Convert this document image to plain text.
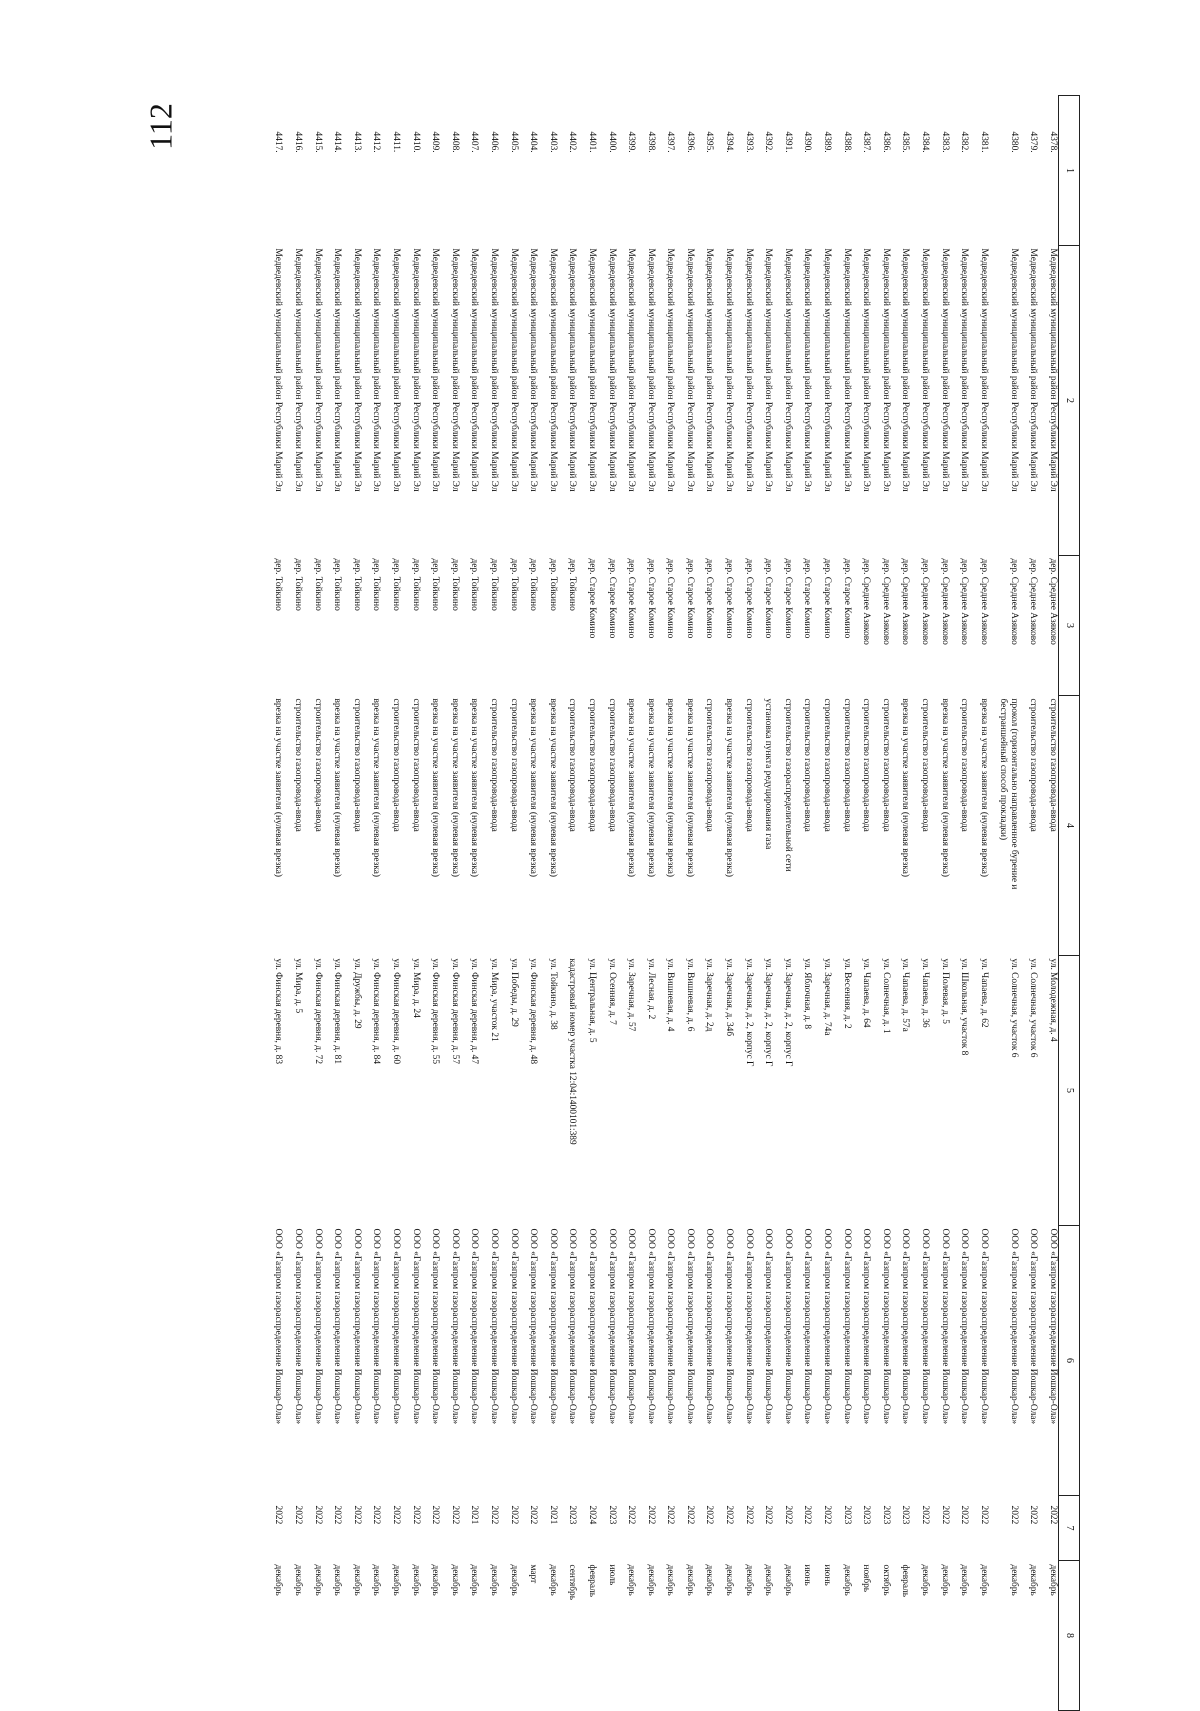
112
1	2	3	4	5	6	7	8
4378.	Медведевский муниципальный район Республики Марий Эл	дер. Среднее Азяково	строительство газопровода-ввода	ул. Молодежная, д. 4	ООО «Газпром газораспределение Йошкар-Ола»	2022	декабрь
4379.	Медведевский муниципальный район Республики Марий Эл	дер. Среднее Азяково	строительство газопровода-ввода	ул. Солнечная, участок 6	ООО «Газпром газораспределение Йошкар-Ола»	2022	декабрь
4380.	Медведевский муниципальный район Республики Марий Эл	дер. Среднее Азяково	прокол (горизонтально направленное бурение и бестраншейный способ прокладки)	ул. Солнечная, участок 6	ООО «Газпром газораспределение Йошкар-Ола»	2022	декабрь
4381.	Медведевский муниципальный район Республики Марий Эл	дер. Среднее Азяково	врезка на участке заявителя (нулевая врезка)	ул. Чапаева, д. 62	ООО «Газпром газораспределение Йошкар-Ола»	2022	декабрь
4382.	Медведевский муниципальный район Республики Марий Эл	дер. Среднее Азяково	строительство газопровода-ввода	ул. Школьная, участок 8	ООО «Газпром газораспределение Йошкар-Ола»	2022	декабрь
4383.	Медведевский муниципальный район Республики Марий Эл	дер. Среднее Азяково	врезка на участке заявителя (нулевая врезка)	ул. Полевая, д. 5	ООО «Газпром газораспределение Йошкар-Ола»	2022	декабрь
4384.	Медведевский муниципальный район Республики Марий Эл	дер. Среднее Азяково	строительство газопровода-ввода	ул. Чапаева, д. 36	ООО «Газпром газораспределение Йошкар-Ола»	2022	декабрь
4385.	Медведевский муниципальный район Республики Марий Эл	дер. Среднее Азяково	врезка на участке заявителя (нулевая врезка)	ул. Чапаева, д. 57а	ООО «Газпром газораспределение Йошкар-Ола»	2023	февраль
4386.	Медведевский муниципальный район Республики Марий Эл	дер. Среднее Азяково	строительство газопровода-ввода	ул. Солнечная, д. 1	ООО «Газпром газораспределение Йошкар-Ола»	2023	октябрь
4387.	Медведевский муниципальный район Республики Марий Эл	дер. Среднее Азяково	строительство газопровода-ввода	ул. Чапаева, д. 64	ООО «Газпром газораспределение Йошкар-Ола»	2023	ноябрь
4388.	Медведевский муниципальный район Республики Марий Эл	дер. Старое Комино	строительство газопровода-ввода	ул. Весенняя, д. 2	ООО «Газпром газораспределение Йошкар-Ола»	2023	декабрь
4389.	Медведевский муниципальный район Республики Марий Эл	дер. Старое Комино	строительство газопровода-ввода	ул. Заречная, д. 74а	ООО «Газпром газораспределение Йошкар-Ола»	2022	июнь
4390.	Медведевский муниципальный район Республики Марий Эл	дер. Старое Комино	строительство газопровода-ввода	ул. Яблочная, д. 8	ООО «Газпром газораспределение Йошкар-Ола»	2022	июнь
4391.	Медведевский муниципальный район Республики Марий Эл	дер. Старое Комино	строительство газораспределительной сети	ул. Заречная, д. 2, корпус Г	ООО «Газпром газораспределение Йошкар-Ола»	2022	декабрь
4392.	Медведевский муниципальный район Республики Марий Эл	дер. Старое Комино	установка пункта редуцирования газа	ул. Заречная, д. 2, корпус Г	ООО «Газпром газораспределение Йошкар-Ола»	2022	декабрь
4393.	Медведевский муниципальный район Республики Марий Эл	дер. Старое Комино	строительство газопровода-ввода	ул. Заречная, д. 2, корпус Г	ООО «Газпром газораспределение Йошкар-Ола»	2022	декабрь
4394.	Медведевский муниципальный район Республики Марий Эл	дер. Старое Комино	врезка на участке заявителя (нулевая врезка)	ул. Заречная, д. 34б	ООО «Газпром газораспределение Йошкар-Ола»	2022	декабрь
4395.	Медведевский муниципальный район Республики Марий Эл	дер. Старое Комино	строительство газопровода-ввода	ул. Заречная, д. 2д	ООО «Газпром газораспределение Йошкар-Ола»	2022	декабрь
4396.	Медведевский муниципальный район Республики Марий Эл	дер. Старое Комино	врезка на участке заявителя (нулевая врезка)	ул. Вишневая, д. 6	ООО «Газпром газораспределение Йошкар-Ола»	2022	декабрь
4397.	Медведевский муниципальный район Республики Марий Эл	дер. Старое Комино	врезка на участке заявителя (нулевая врезка)	ул. Вишневая, д. 4	ООО «Газпром газораспределение Йошкар-Ола»	2022	декабрь
4398.	Медведевский муниципальный район Республики Марий Эл	дер. Старое Комино	врезка на участке заявителя (нулевая врезка)	ул. Лесная, д. 2	ООО «Газпром газораспределение Йошкар-Ола»	2022	декабрь
4399.	Медведевский муниципальный район Республики Марий Эл	дер. Старое Комино	врезка на участке заявителя (нулевая врезка)	ул. Заречная, д. 57	ООО «Газпром газораспределение Йошкар-Ола»	2022	декабрь
4400.	Медведевский муниципальный район Республики Марий Эл	дер. Старое Комино	строительство газопровода-ввода	ул. Осенняя, д. 7	ООО «Газпром газораспределение Йошкар-Ола»	2023	июль
4401.	Медведевский муниципальный район Республики Марий Эл	дер. Старое Комино	строительство газопровода-ввода	ул. Центральная, д. 5	ООО «Газпром газораспределение Йошкар-Ола»	2024	февраль
4402.	Медведевский муниципальный район Республики Марий Эл	дер. Тойкино	строительство газопровода-ввода	кадастровый номер участка 12:04:1400101:389	ООО «Газпром газораспределение Йошкар-Ола»	2023	сентябрь
4403.	Медведевский муниципальный район Республики Марий Эл	дер. Тойкино	врезка на участке заявителя (нулевая врезка)	ул. Тойкино, д. 38	ООО «Газпром газораспределение Йошкар-Ола»	2021	декабрь
4404.	Медведевский муниципальный район Республики Марий Эл	дер. Тойкино	врезка на участке заявителя (нулевая врезка)	ул. Финская деревня, д. 48	ООО «Газпром газораспределение Йошкар-Ола»	2022	март
4405.	Медведевский муниципальный район Республики Марий Эл	дер. Тойкино	строительство газопровода-ввода	ул. Победы, д. 29	ООО «Газпром газораспределение Йошкар-Ола»	2022	декабрь
4406.	Медведевский муниципальный район Республики Марий Эл	дер. Тойкино	строительство газопровода-ввода	ул. Мира, участок 21	ООО «Газпром газораспределение Йошкар-Ола»	2022	декабрь
4407.	Медведевский муниципальный район Республики Марий Эл	дер. Тойкино	врезка на участке заявителя (нулевая врезка)	ул. Финская деревня, д. 47	ООО «Газпром газораспределение Йошкар-Ола»	2021	декабрь
4408.	Медведевский муниципальный район Республики Марий Эл	дер. Тойкино	врезка на участке заявителя (нулевая врезка)	ул. Финская деревня, д. 57	ООО «Газпром газораспределение Йошкар-Ола»	2022	декабрь
4409.	Медведевский муниципальный район Республики Марий Эл	дер. Тойкино	врезка на участке заявителя (нулевая врезка)	ул. Финская деревня, д. 55	ООО «Газпром газораспределение Йошкар-Ола»	2022	декабрь
4410.	Медведевский муниципальный район Республики Марий Эл	дер. Тойкино	строительство газопровода-ввода	ул. Мира, д. 24	ООО «Газпром газораспределение Йошкар-Ола»	2022	декабрь
4411.	Медведевский муниципальный район Республики Марий Эл	дер. Тойкино	строительство газопровода-ввода	ул. Финская деревня, д. 60	ООО «Газпром газораспределение Йошкар-Ола»	2022	декабрь
4412.	Медведевский муниципальный район Республики Марий Эл	дер. Тойкино	врезка на участке заявителя (нулевая врезка)	ул. Финская деревня, д. 84	ООО «Газпром газораспределение Йошкар-Ола»	2022	декабрь
4413.	Медведевский муниципальный район Республики Марий Эл	дер. Тойкино	строительство газопровода-ввода	ул. Дружбы, д. 29	ООО «Газпром газораспределение Йошкар-Ола»	2022	декабрь
4414.	Медведевский муниципальный район Республики Марий Эл	дер. Тойкино	врезка на участке заявителя (нулевая врезка)	ул. Финская деревня, д. 81	ООО «Газпром газораспределение Йошкар-Ола»	2022	декабрь
4415.	Медведевский муниципальный район Республики Марий Эл	дер. Тойкино	строительство газопровода-ввода	ул. Финская деревня, д. 72	ООО «Газпром газораспределение Йошкар-Ола»	2022	декабрь
4416.	Медведевский муниципальный район Республики Марий Эл	дер. Тойкино	строительство газопровода-ввода	ул. Мира, д. 5	ООО «Газпром газораспределение Йошкар-Ола»	2022	декабрь
4417.	Медведевский муниципальный район Республики Марий Эл	дер. Тойкино	врезка на участке заявителя (нулевая врезка)	ул. Финская деревня, д. 83	ООО «Газпром газораспределение Йошкар-Ола»	2022	декабрь
